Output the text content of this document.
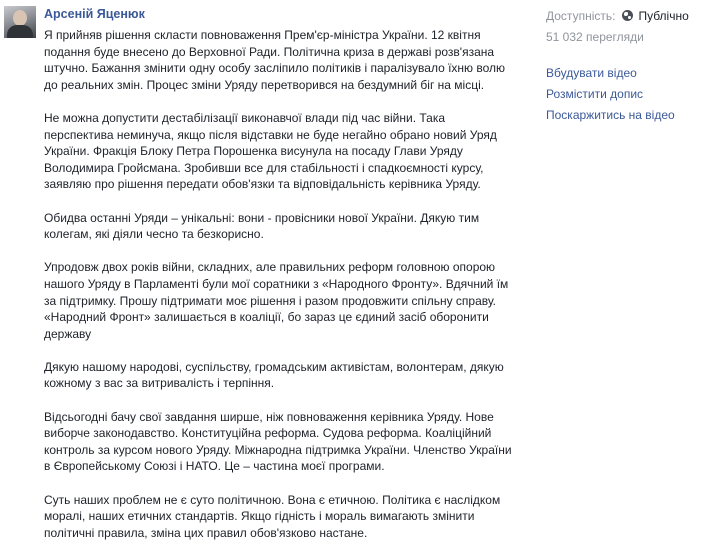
Арсеній Яценюк

Я прийняв рішення скласти повноваження Прем'єр-міністра України. 12 квітня подання буде внесено до Верховної Ради. Політична криза в державі розв'язана штучно. Бажання змінити одну особу засліпило політиків і паралізувало їхню волю до реальних змін. Процес зміни Уряду перетворився на бездумний біг на місці.

Не можна допустити дестабілізації виконавчої влади під час війни. Така перспектива неминуча, якщо після відставки не буде негайно обрано новий Уряд України. Фракція Блоку Петра Порошенка висунула на посаду Глави Уряду Володимира Гройсмана. Зробивши все для стабільності і спадкоємності курсу, заявляю про рішення передати обов'язки та відповідальність керівника Уряду.

Обидва останні Уряди – унікальні: вони - провісники нової України. Дякую тим колегам, які діяли чесно та безкорисно.

Упродовж двох років війни, складних, але правильних реформ головною опорою нашого Уряду в Парламенті були мої соратники з «Народного Фронту». Вдячний їм за підтримку. Прошу підтримати моє рішення і разом продовжити спільну справу. «Народний Фронт» залишається в коаліції, бо зараз це єдиний засіб оборонити державу

Дякую нашому народові, суспільству, громадським активістам, волонтерам, дякую кожному з вас за витривалість і терпіння.

Відсьогодні бачу свої завдання ширше, ніж повноваження керівника Уряду. Нове виборче законодавство. Конституційна реформа. Судова реформа. Коаліційний контроль за курсом нового Уряду. Міжнародна підтримка України. Членство України в Європейському Союзі і НАТО. Це – частина моєї програми.

Суть наших проблем не є суто політичною. Вона є етичною. Політика є наслідком моралі, наших етичних стандартів. Якщо гідність і мораль вимагають змінити політичні правила, зміна цих правил обов'язково настане.

Доступність: Публічно
51 032 перегляди
Вбудувати відео
Розмістити допис
Поскаржитись на відео
